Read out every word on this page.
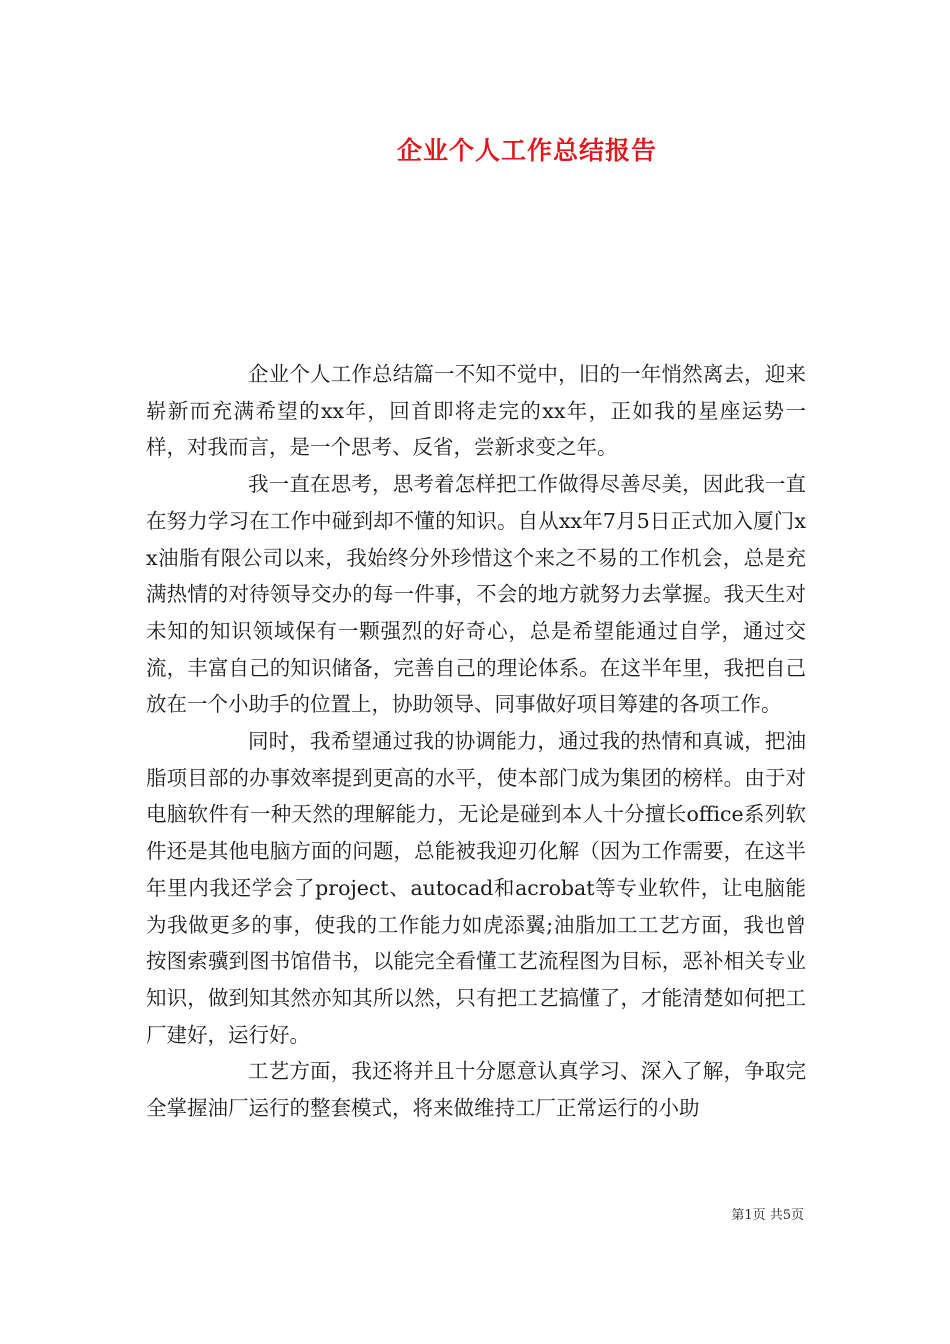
企业个人工作总结报告

企业个人工作总结篇一不知不觉中，旧的一年悄然离去，迎来崭新而充满希望的xx年，回首即将走完的xx年，正如我的星座运势一样，对我而言，是一个思考、反省，尝新求变之年。

我一直在思考，思考着怎样把工作做得尽善尽美，因此我一直在努力学习在工作中碰到却不懂的知识。自从xx年7月5日正式加入厦门xx油脂有限公司以来，我始终分外珍惜这个来之不易的工作机会，总是充满热情的对待领导交办的每一件事，不会的地方就努力去掌握。我天生对未知的知识领域保有一颗强烈的好奇心，总是希望能通过自学，通过交流，丰富自己的知识储备，完善自己的理论体系。在这半年里，我把自己放在一个小助手的位置上，协助领导、同事做好项目筹建的各项工作。

同时，我希望通过我的协调能力，通过我的热情和真诚，把油脂项目部的办事效率提到更高的水平，使本部门成为集团的榜样。由于对电脑软件有一种天然的理解能力，无论是碰到本人十分擅长office系列软件还是其他电脑方面的问题，总能被我迎刃化解（因为工作需要，在这半年里内我还学会了project、autocad和acrobat等专业软件，让电脑能为我做更多的事，使我的工作能力如虎添翼;油脂加工工艺方面，我也曾按图索骥到图书馆借书，以能完全看懂工艺流程图为目标，恶补相关专业知识，做到知其然亦知其所以然，只有把工艺搞懂了，才能清楚如何把工厂建好，运行好。

工艺方面，我还将并且十分愿意认真学习、深入了解，争取完全掌握油厂运行的整套模式，将来做维持工厂正常运行的小助

第1页 共5页
